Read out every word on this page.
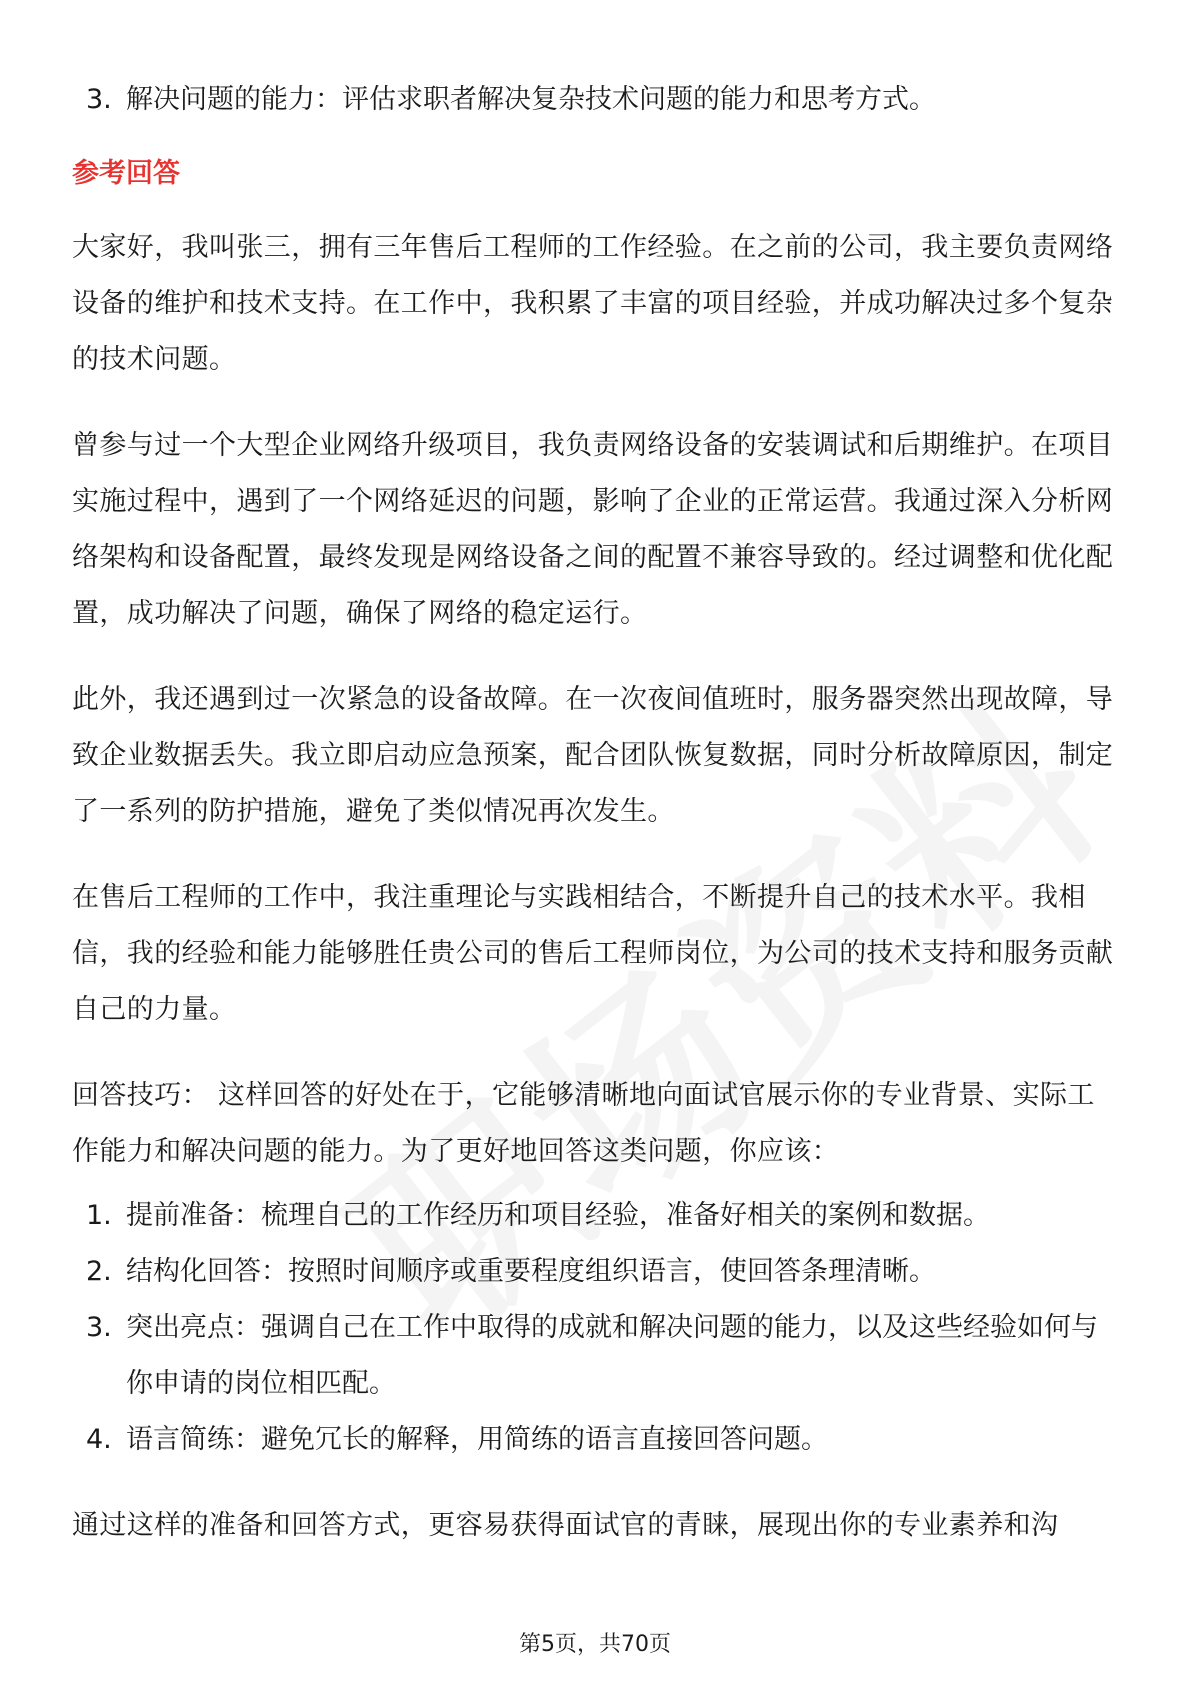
3. 解决问题的能力：评估求职者解决复杂技术问题的能力和思考方式。
参考回答

大家好，我叫张三，拥有三年售后工程师的工作经验。在之前的公司，我主要负责网络设备的维护和技术支持。在工作中，我积累了丰富的项目经验，并成功解决过多个复杂的技术问题。

曾参与过一个大型企业网络升级项目，我负责网络设备的安装调试和后期维护。在项目实施过程中，遇到了一个网络延迟的问题，影响了企业的正常运营。我通过深入分析网络架构和设备配置，最终发现是网络设备之间的配置不兼容导致的。经过调整和优化配置，成功解决了问题，确保了网络的稳定运行。

此外，我还遇到过一次紧急的设备故障。在一次夜间值班时，服务器突然出现故障，导致企业数据丢失。我立即启动应急预案，配合团队恢复数据，同时分析故障原因，制定了一系列的防护措施，避免了类似情况再次发生。

在售后工程师的工作中，我注重理论与实践相结合，不断提升自己的技术水平。我相信，我的经验和能力能够胜任贵公司的售后工程师岗位，为公司的技术支持和服务贡献自己的力量。

回答技巧： 这样回答的好处在于，它能够清晰地向面试官展示你的专业背景、实际工作能力和解决问题的能力。为了更好地回答这类问题，你应该：

1. 提前准备：梳理自己的工作经历和项目经验，准备好相关的案例和数据。
2. 结构化回答：按照时间顺序或重要程度组织语言，使回答条理清晰。
3. 突出亮点：强调自己在工作中取得的成就和解决问题的能力，以及这些经验如何与你申请的岗位相匹配。
4. 语言简练：避免冗长的解释，用简练的语言直接回答问题。

通过这样的准备和回答方式，更容易获得面试官的青睐，展现出你的专业素养和沟

第5页，共70页
